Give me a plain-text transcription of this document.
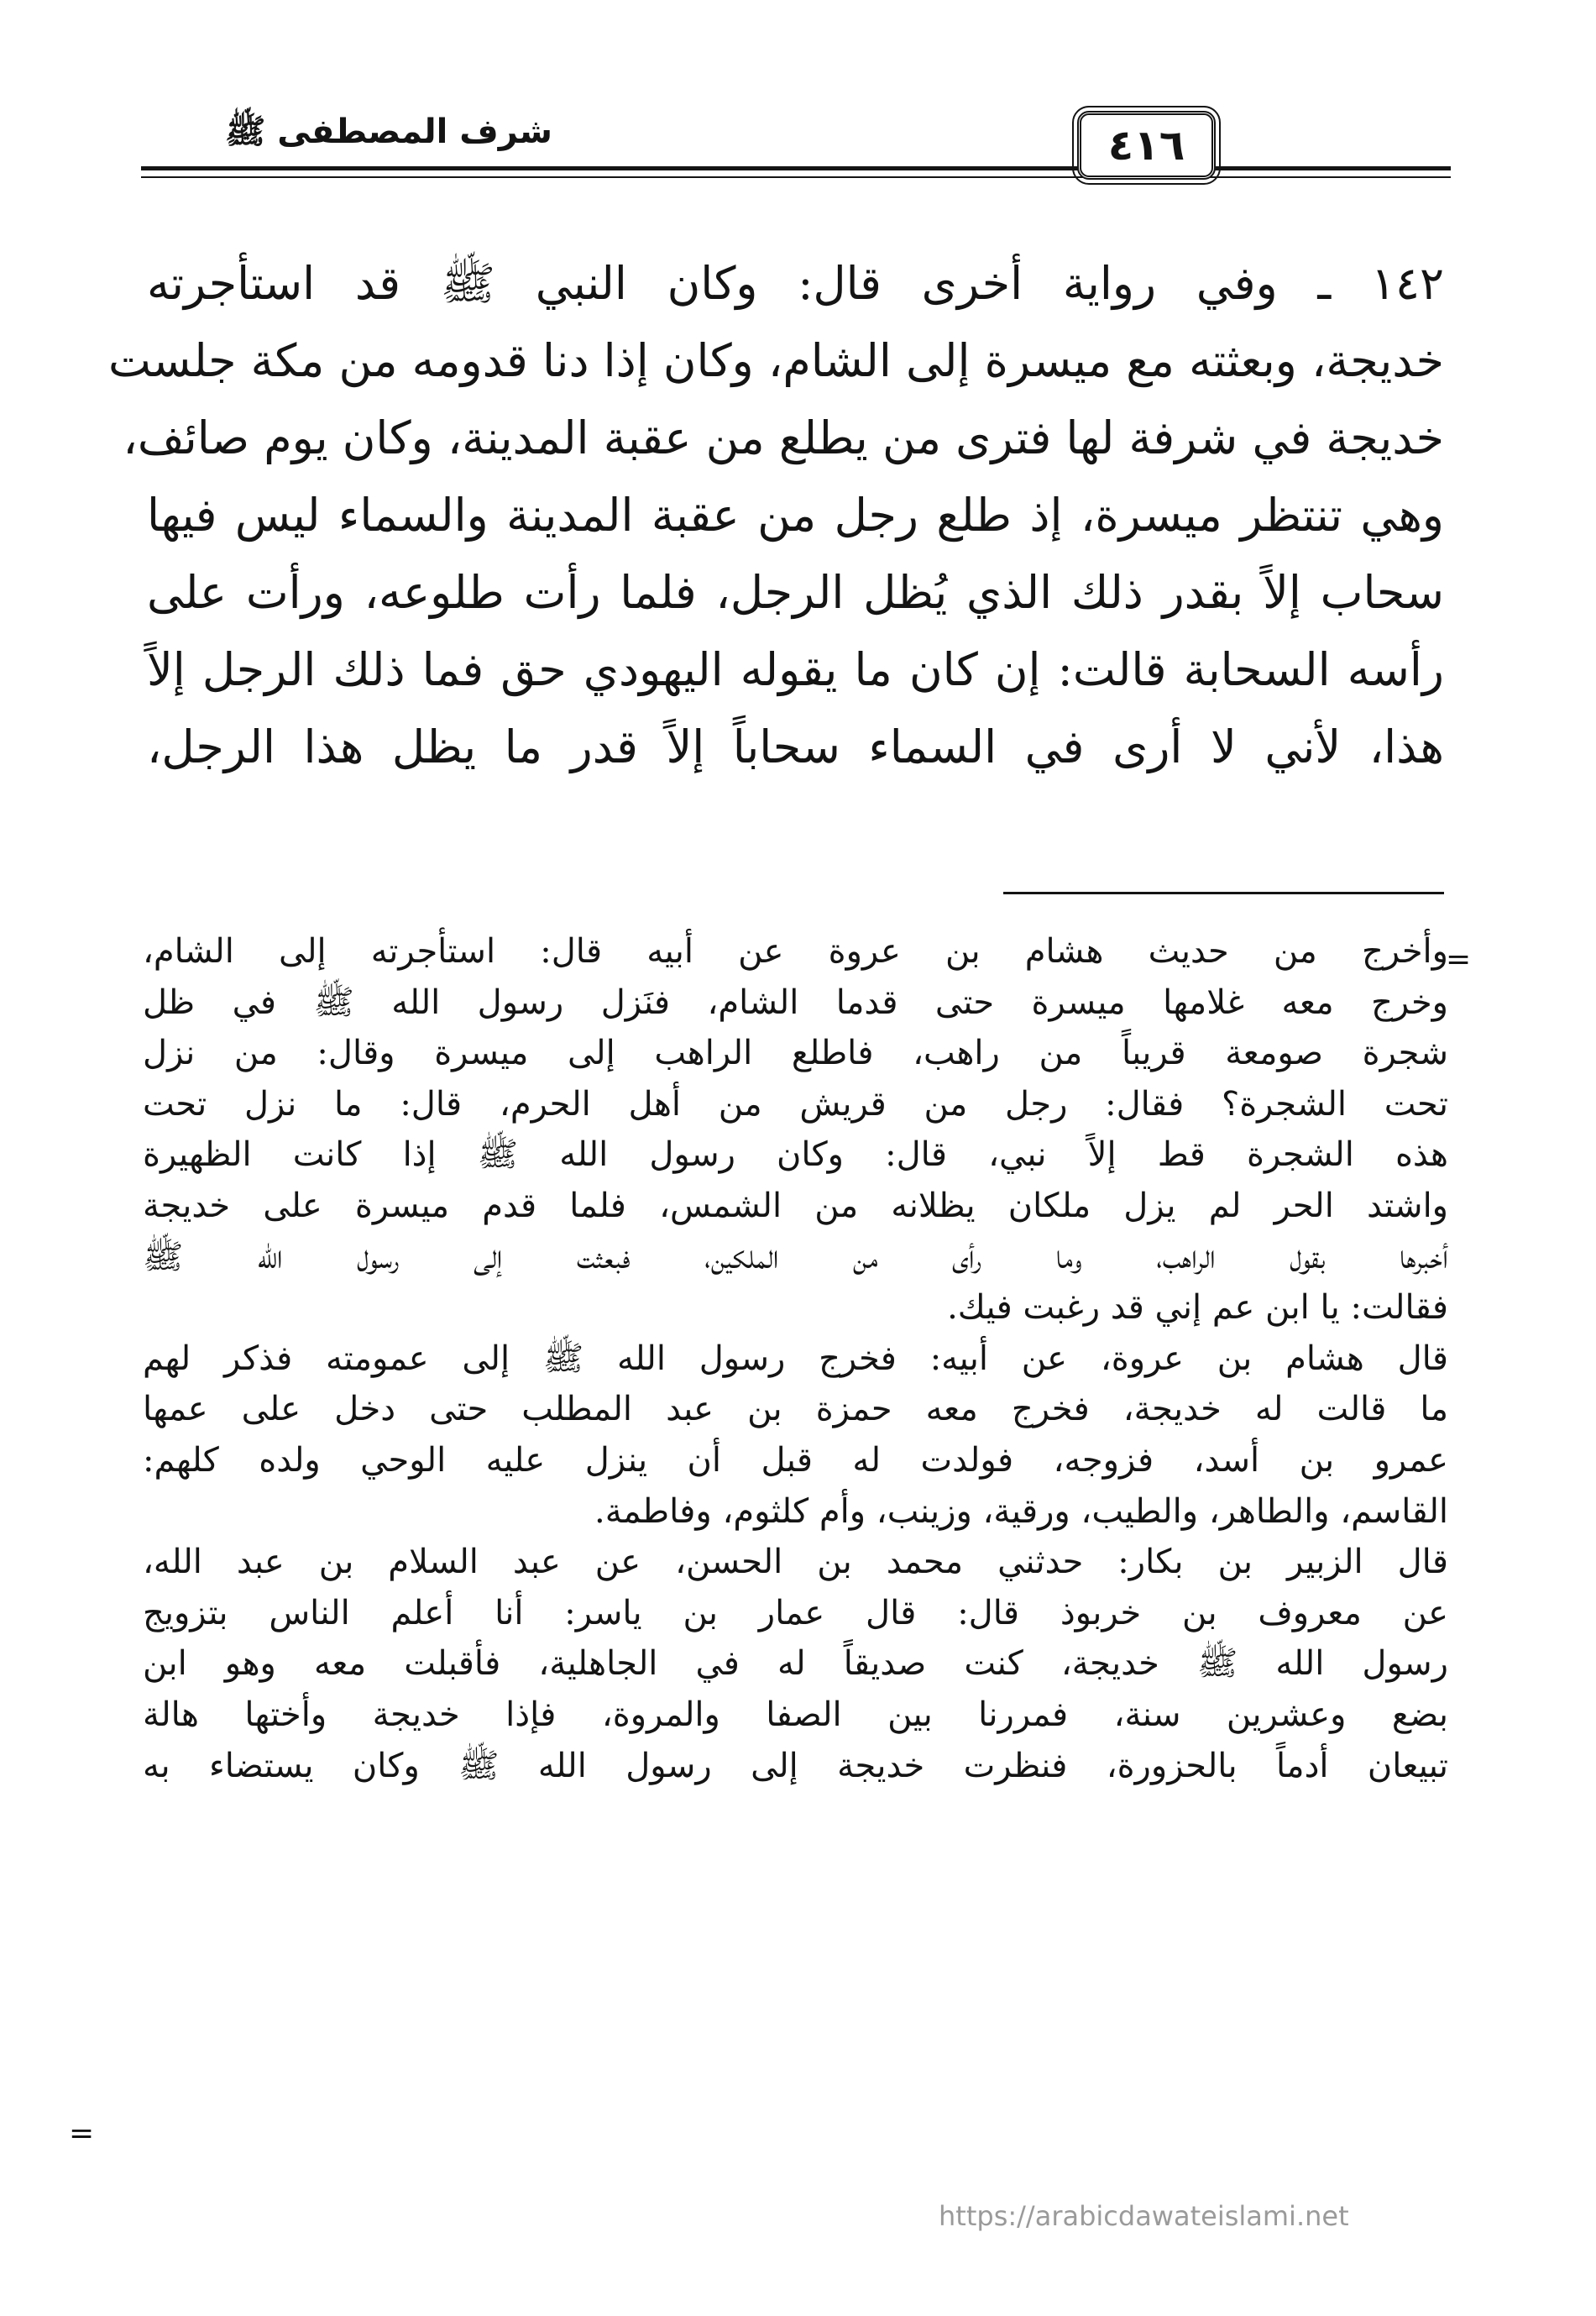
شرف المصطفى ﷺ	٤١٦
١٤٢ ـ وفي رواية أخرى قال: وكان النبي ﷺ قد استأجرته
خديجة، وبعثته مع ميسرة إلى الشام، وكان إذا دنا قدومه من مكة جلست
خديجة في شرفة لها فترى من يطلع من عقبة المدينة، وكان يوم صائف،
وهي تنتظر ميسرة، إذ طلع رجل من عقبة المدينة والسماء ليس فيها
سحاب إلاً بقدر ذلك الذي يُظل الرجل، فلما رأت طلوعه، ورأت على
رأسه السحابة قالت: إن كان ما يقوله اليهودي حق فما ذلك الرجل إلاً
هذا، لأني لا أرى في السماء سحاباً إلاً قدر ما يظل هذا الرجل،
=
وأخرج من حديث هشام بن عروة عن أبيه قال: استأجرته إلى الشام،
وخرج معه غلامها ميسرة حتى قدما الشام، فنَزل رسول الله ﷺ في ظل
شجرة صومعة قريباً من راهب، فاطلع الراهب إلى ميسرة وقال: من نزل
تحت الشجرة؟ فقال: رجل من قريش من أهل الحرم، قال: ما نزل تحت
هذه الشجرة قط إلاً نبي، قال: وكان رسول الله ﷺ إذا كانت الظهيرة
واشتد الحر لم يزل ملكان يظلانه من الشمس، فلما قدم ميسرة على خديجة
أخبرها بقول الراهب، وما رأى من الملكين، فبعثت إلى رسول الله ﷺ
فقالت: يا ابن عم إني قد رغبت فيك.
قال هشام بن عروة، عن أبيه: فخرج رسول الله ﷺ إلى عمومته فذكر لهم
ما قالت له خديجة، فخرج معه حمزة بن عبد المطلب حتى دخل على عمها
عمرو بن أسد، فزوجه، فولدت له قبل أن ينزل عليه الوحي ولده كلهم:
القاسم، والطاهر، والطيب، ورقية، وزينب، وأم كلثوم، وفاطمة.
قال الزبير بن بكار: حدثني محمد بن الحسن، عن عبد السلام بن عبد الله،
عن معروف بن خربوذ قال: قال عمار بن ياسر: أنا أعلم الناس بتزويج
رسول الله ﷺ خديجة، كنت صديقاً له في الجاهلية، فأقبلت معه وهو ابن
بضع وعشرين سنة، فمررنا بين الصفا والمروة، فإذا خديجة وأختها هالة
تبيعان أدماً بالحزورة، فنظرت خديجة إلى رسول الله ﷺ وكان يستضاء به
=
https://arabicdawateislami.net
